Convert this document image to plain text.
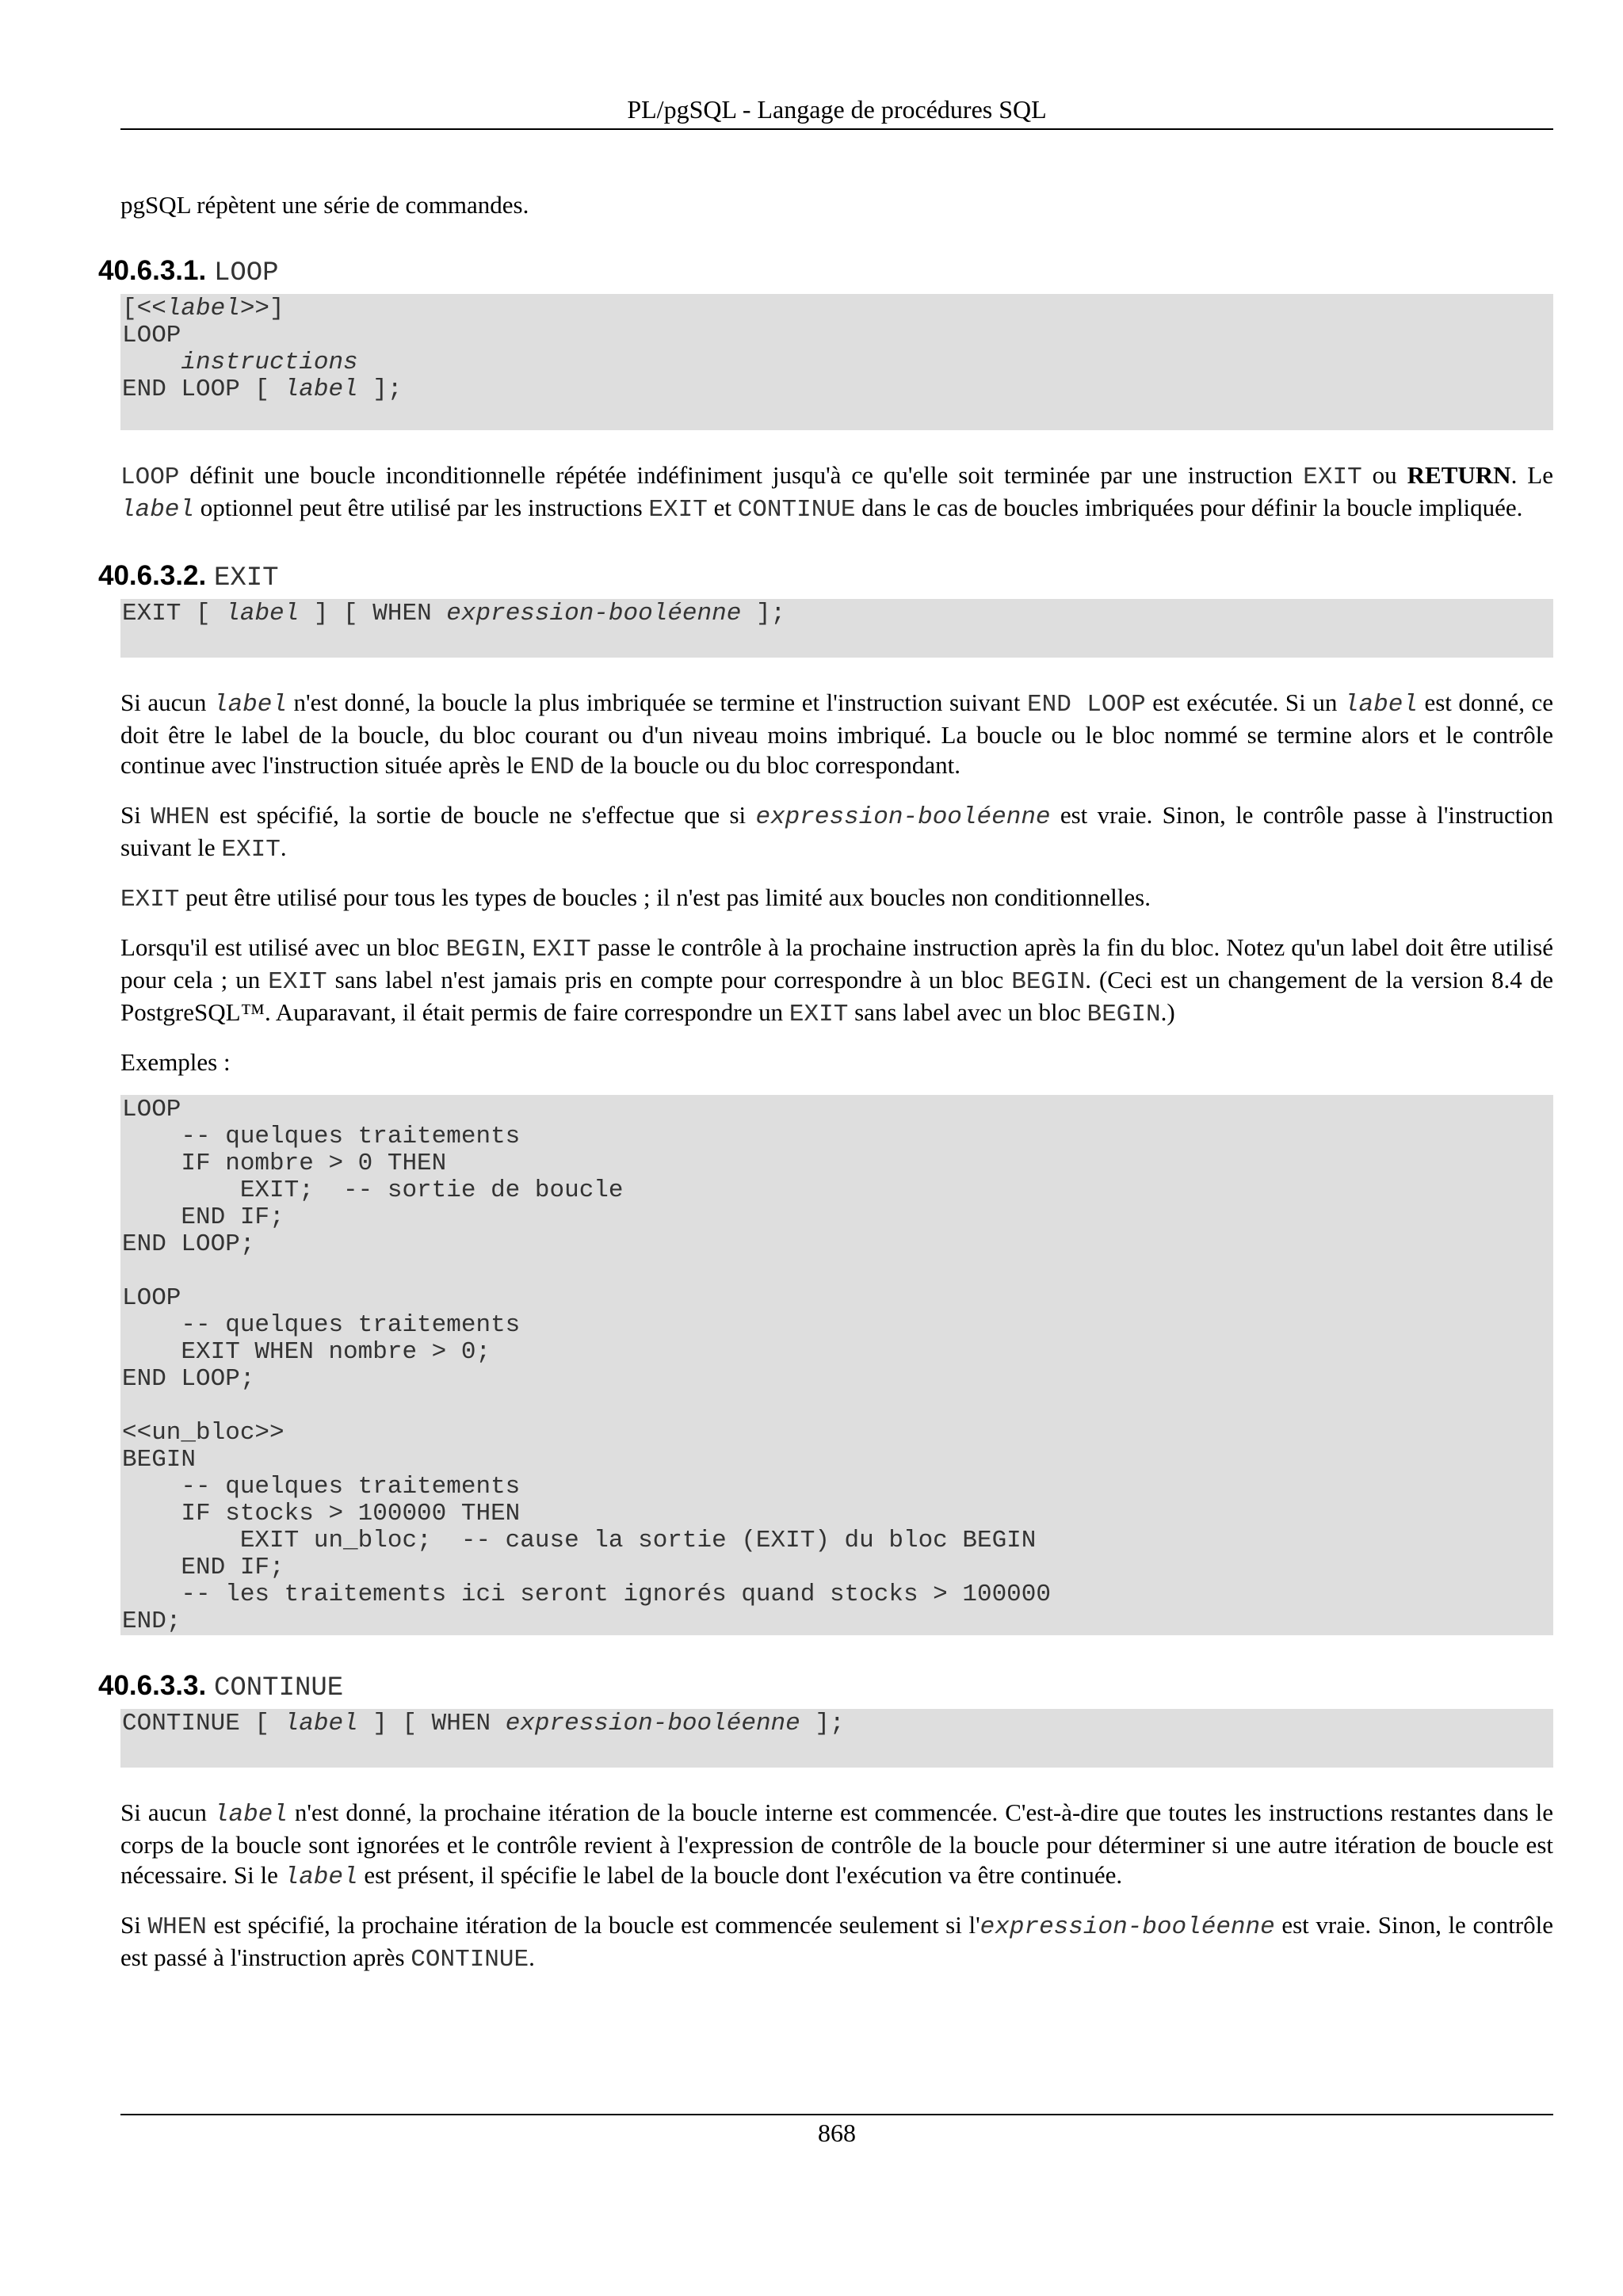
PL/pgSQL - Langage de procédures SQL

pgSQL répètent une série de commandes.

40.6.3.1. LOOP
[<<label>>]
LOOP
instructions
END LOOP [ label ];

LOOP définit une boucle inconditionnelle répétée indéfiniment jusqu'à ce qu'elle soit terminée par une instruction EXIT ou RETURN. Le label optionnel peut être utilisé par les instructions EXIT et CONTINUE dans le cas de boucles imbriquées pour définir la boucle impliquée.

40.6.3.2. EXIT
EXIT [ label ] [ WHEN expression-booléenne ];

Si aucun label n'est donné, la boucle la plus imbriquée se termine et l'instruction suivant END LOOP est exécutée. Si un label est donné, ce doit être le label de la boucle, du bloc courant ou d'un niveau moins imbriqué. La boucle ou le bloc nommé se termine alors et le contrôle continue avec l'instruction située après le END de la boucle ou du bloc correspondant.

Si WHEN est spécifié, la sortie de boucle ne s'effectue que si expression-booléenne est vraie. Sinon, le contrôle passe à l'instruction suivant le EXIT.

EXIT peut être utilisé pour tous les types de boucles ; il n'est pas limité aux boucles non conditionnelles.

Lorsqu'il est utilisé avec un bloc BEGIN, EXIT passe le contrôle à la prochaine instruction après la fin du bloc. Notez qu'un label doit être utilisé pour cela ; un EXIT sans label n'est jamais pris en compte pour correspondre à un bloc BEGIN. (Ceci est un changement de la version 8.4 de PostgreSQL™. Auparavant, il était permis de faire correspondre un EXIT sans label avec un bloc BEGIN.)

Exemples :

LOOP
-- quelques traitements
IF nombre > 0 THEN
EXIT;  -- sortie de boucle
END IF;
END LOOP;

LOOP
-- quelques traitements
EXIT WHEN nombre > 0;
END LOOP;

<<un_bloc>>
BEGIN
-- quelques traitements
IF stocks > 100000 THEN
EXIT un_bloc;  -- cause la sortie (EXIT) du bloc BEGIN
END IF;
-- les traitements ici seront ignorés quand stocks > 100000
END;

40.6.3.3. CONTINUE
CONTINUE [ label ] [ WHEN expression-booléenne ];

Si aucun label n'est donné, la prochaine itération de la boucle interne est commencée. C'est-à-dire que toutes les instructions restantes dans le corps de la boucle sont ignorées et le contrôle revient à l'expression de contrôle de la boucle pour déterminer si une autre itération de boucle est nécessaire. Si le label est présent, il spécifie le label de la boucle dont l'exécution va être continuée.

Si WHEN est spécifié, la prochaine itération de la boucle est commencée seulement si l'expression-booléenne est vraie. Sinon, le contrôle est passé à l'instruction après CONTINUE.

868
